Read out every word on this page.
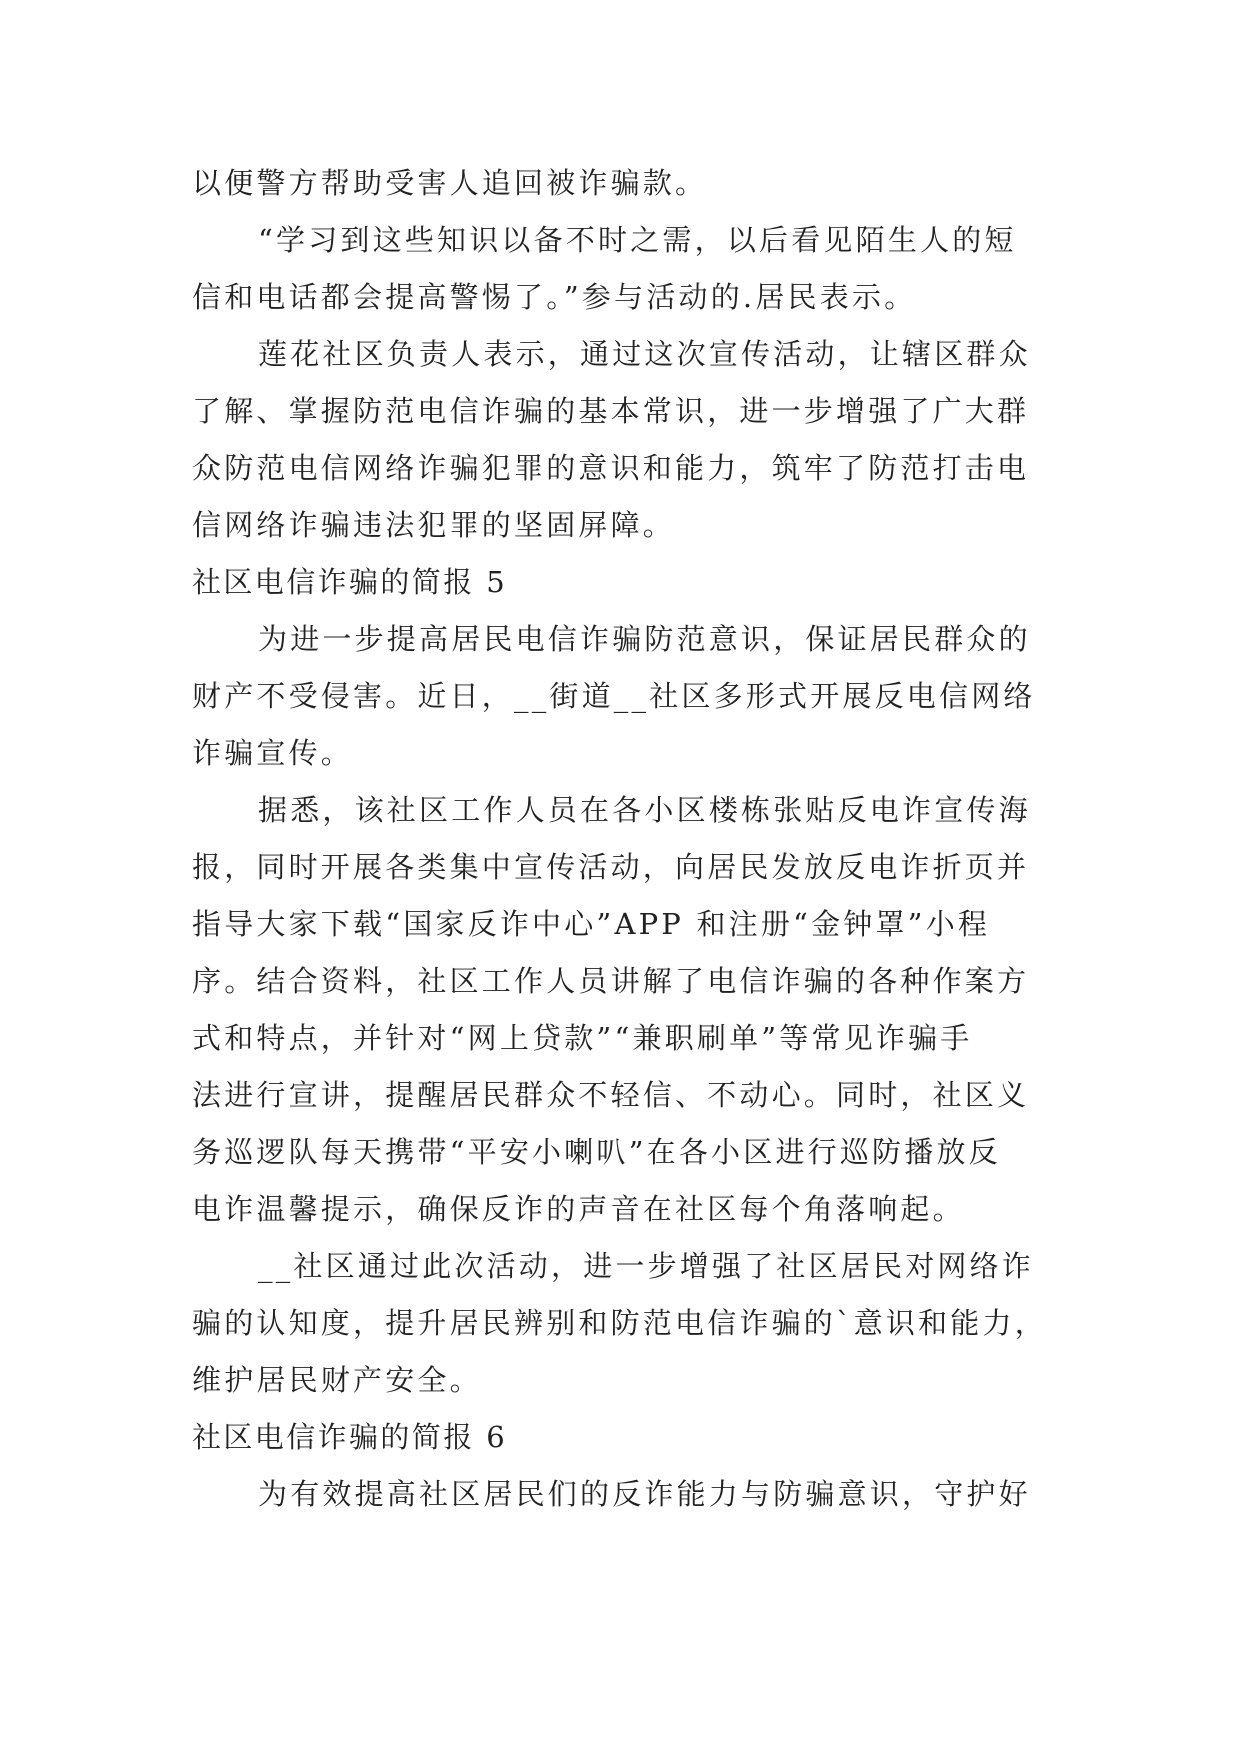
以便警方帮助受害人追回被诈骗款。
“学习到这些知识以备不时之需，以后看见陌生人的短
信和电话都会提高警惕了。”参与活动的.居民表示。
莲花社区负责人表示，通过这次宣传活动，让辖区群众
了解、掌握防范电信诈骗的基本常识，进一步增强了广大群
众防范电信网络诈骗犯罪的意识和能力，筑牢了防范打击电
信网络诈骗违法犯罪的坚固屏障。
社区电信诈骗的简报 5
为进一步提高居民电信诈骗防范意识，保证居民群众的
财产不受侵害。近日，__街道__社区多形式开展反电信网络
诈骗宣传。
据悉，该社区工作人员在各小区楼栋张贴反电诈宣传海
报，同时开展各类集中宣传活动，向居民发放反电诈折页并
指导大家下载“国家反诈中心”APP 和注册“金钟罩”小程
序。结合资料，社区工作人员讲解了电信诈骗的各种作案方
式和特点，并针对“网上贷款”“兼职刷单”等常见诈骗手
法进行宣讲，提醒居民群众不轻信、不动心。同时，社区义
务巡逻队每天携带“平安小喇叭”在各小区进行巡防播放反
电诈温馨提示，确保反诈的声音在社区每个角落响起。
__社区通过此次活动，进一步增强了社区居民对网络诈
骗的认知度，提升居民辨别和防范电信诈骗的`意识和能力，
维护居民财产安全。
社区电信诈骗的简报 6
为有效提高社区居民们的反诈能力与防骗意识，守护好
